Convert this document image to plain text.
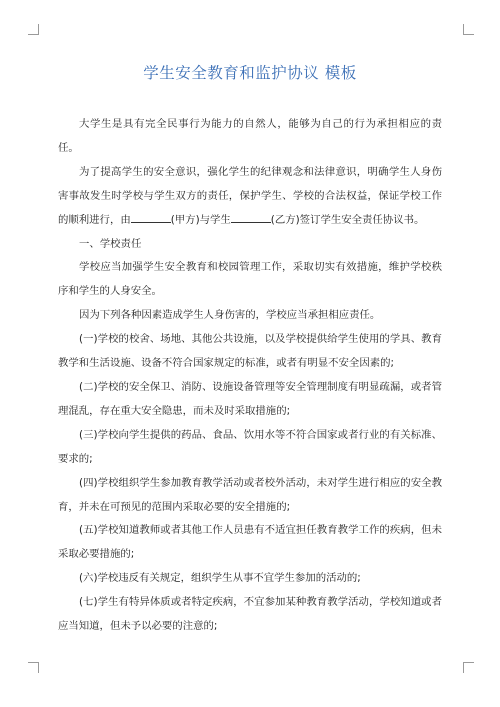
学生安全教育和监护协议 模板

大学生是具有完全民事行为能力的自然人，能够为自己的行为承担相应的责任。

为了提高学生的安全意识，强化学生的纪律观念和法律意识，明确学生人身伤害事故发生时学校与学生双方的责任，保护学生、学校的合法权益，保证学校工作的顺利进行，由	(甲方)与学生	(乙方)签订学生安全责任协议书。

一、学校责任

学校应当加强学生安全教育和校园管理工作，采取切实有效措施，维护学校秩序和学生的人身安全。

因为下列各种因素造成学生人身伤害的，学校应当承担相应责任。

(一)学校的校舍、场地、其他公共设施，以及学校提供给学生使用的学具、教育教学和生活设施、设备不符合国家规定的标准，或者有明显不安全因素的;

(二)学校的安全保卫、消防、设施设备管理等安全管理制度有明显疏漏，或者管理混乱，存在重大安全隐患，而未及时采取措施的;

(三)学校向学生提供的药品、食品、饮用水等不符合国家或者行业的有关标准、要求的;

(四)学校组织学生参加教育教学活动或者校外活动，未对学生进行相应的安全教育，并未在可预见的范围内采取必要的安全措施的;

(五)学校知道教师或者其他工作人员患有不适宜担任教育教学工作的疾病，但未采取必要措施的;

(六)学校违反有关规定，组织学生从事不宜学生参加的活动的;

(七)学生有特异体质或者特定疾病，不宜参加某种教育教学活动，学校知道或者应当知道，但未予以必要的注意的;
